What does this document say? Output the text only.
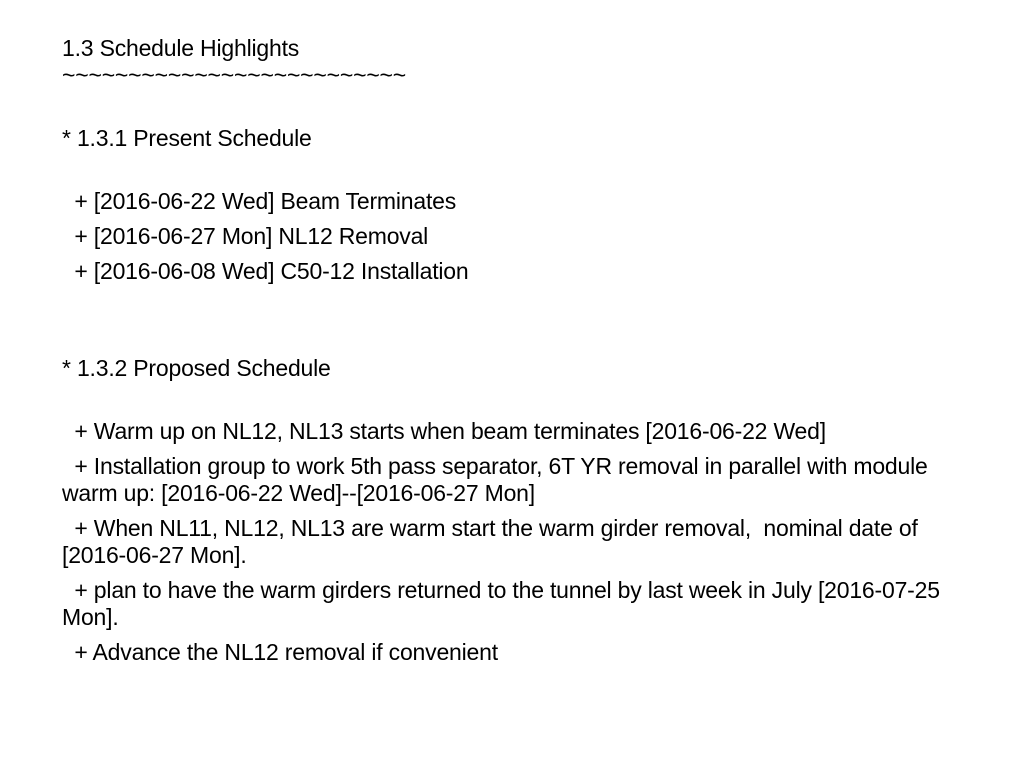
1.3 Schedule Highlights
~~~~~~~~~~~~~~~~~~~~~~~~~~
* 1.3.1 Present Schedule
+ [2016-06-22 Wed] Beam Terminates
+ [2016-06-27 Mon] NL12 Removal
+ [2016-06-08 Wed] C50-12 Installation
* 1.3.2 Proposed Schedule
+ Warm up on NL12, NL13 starts when beam terminates [2016-06-22 Wed]
+ Installation group to work 5th pass separator, 6T YR removal in parallel with module warm up: [2016-06-22 Wed]--[2016-06-27 Mon]
+ When NL11, NL12, NL13 are warm start the warm girder removal,  nominal date of [2016-06-27 Mon].
+ plan to have the warm girders returned to the tunnel by last week in July [2016-07-25 Mon].
+ Advance the NL12 removal if convenient
